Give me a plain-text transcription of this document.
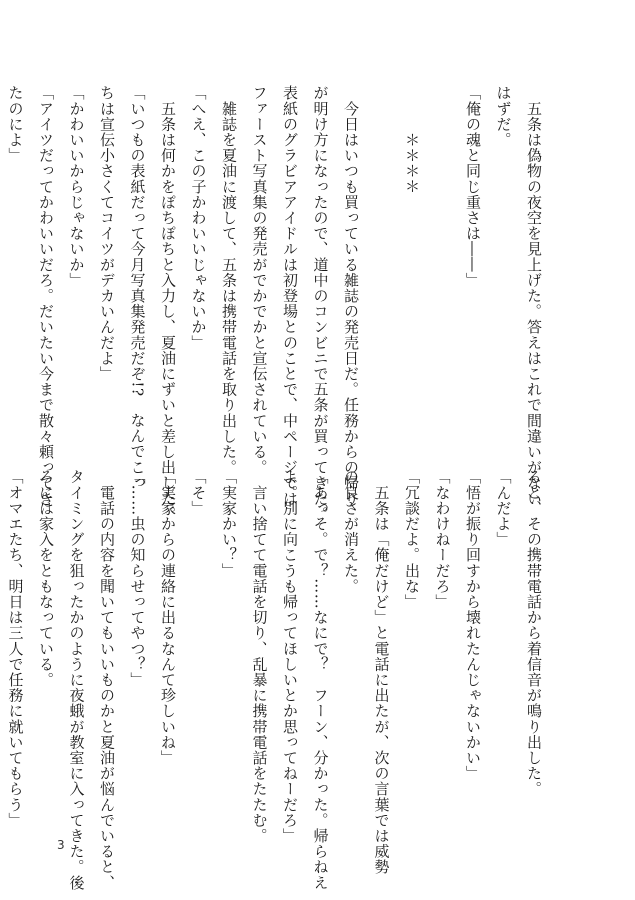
　五条は偽物の夜空を見上げた。答えはこれで間違いがない
はずだ。
「俺の魂と同じ重さは――」

　　　＊＊＊＊

　今日はいつも買っている雑誌の発売日だ。任務からの帰り
が明け方になったので、道中のコンビニで五条が買ってきた。
表紙のグラビアアイドルは初登場とのことで、中ページでは
ファースト写真集の発売がでかでかと宣伝されている。
　雑誌を夏油に渡して、五条は携帯電話を取り出した。
「へえ、この子かわいいじゃないか」
　五条は何かをぽちぽちと入力し、夏油にずいと差し出した。
「いつもの表紙だって今月写真集発売だぞ!?　なんでこっ
ちは宣伝小さくてコイツがデカいんだよ」
「かわいいからじゃないか」
「アイツだってかわいいだろ。だいたい今まで散々頼ってき
たのによ」
ると、その携帯電話から着信音が鳴り出した。
「んだよ」
「悟が振り回すから壊れたんじゃないかい」
「なわけねーだろ」
「冗談だよ。出な」
　五条は「俺だけど」と電話に出たが、次の言葉では威勢
の良さが消えた。
「あっそ。で？……なにで？　フーン、分かった。帰らねえ
よ。別に向こうも帰ってほしいとか思ってねーだろ」
　言い捨てて電話を切り、乱暴に携帯電話をたたむ。
「実家かい？」
「そ」
「実家からの連絡に出るなんて珍しいね」
「……虫の知らせってやつ？」
　電話の内容を聞いてもいいものかと夏油が悩んでいると、
タイミングを狙ったかのように夜蛾が教室に入ってきた。後
ろには家入をともなっている。
「オマエたち、明日は三人で任務に就いてもらう」
3
